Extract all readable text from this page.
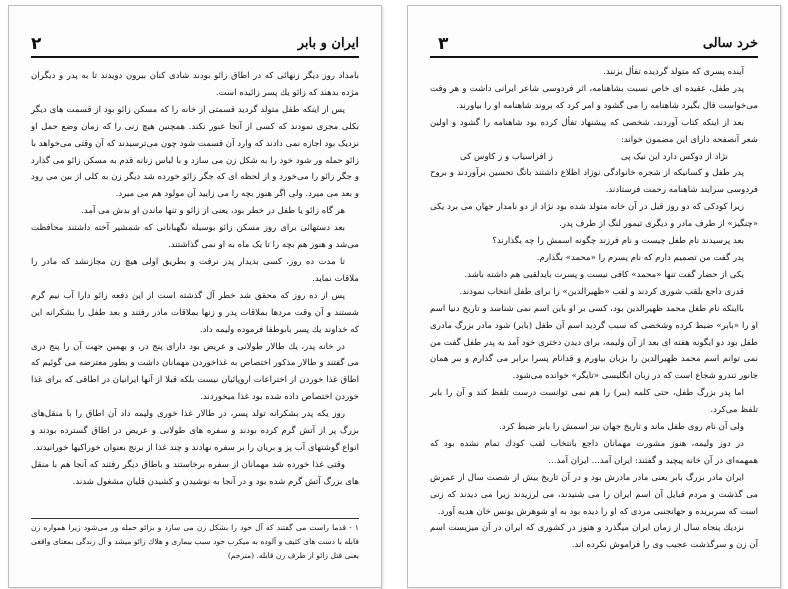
۲	ایران و بابر

بامداد روز دیگر زنهائی که در اطاق زائو بودند شادی کنان بیرون دویدند تا به پدر و دیگران مژده بدهند که زائو یك پسر زائیده است.

پس از اینکه طفل متولد گردید قسمتی از خانه را که مسکن زائو بود از قسمت های دیگر بکلی مجزی نمودند که کسی از آنجا عبور نکند. همچنین هیچ زنی را که زمان وضع حمل او نزدیک بود اجازه نمی دادند که وارد آن قسمت شود چون می‌ترسیدند که آن وقتی می‌خواهد با زائو حمله ور شود خود را به شکل زن می سازد و با لباس زنانه قدم به مسکن زائو می گذارد و جگر زائو را می‌خورد و از لحظه ای که جگر زائو خورده شد دیگر زن به کلی از بین می رود و بعد می میرد. ولی اگر هنوز بچه را می زایید آن مولود هم می میرد.

هر گاه زائو یا طفل در خطر بود، یعنی از زائو و تنها ماندن او بدش می آمد.

بعد دستهائی برای روز مسکن زائو بوسیله نگهبانانی که شمشیر آخته داشتند محافظت می‌شد و هنوز هم بچه را تا یک ماه به او نمی گذاشتند.

تا مدت ده روز، کسی بدیدار پدر نرفت و بطریق اولی هیچ زن مجازنشد که مادر را ملاقات نماید.

پس از ده روز که محقق شد خطر آل گذشته است از این دفعه زائو دارا آب نیم گرم شستند و آن وقت مردها بملاقات پدر و زنها بملاقات مادر رفتند و بعد طفل را بشکرانه این که خداوند یك پسر بابوطفا فرموده ولیمه داد.

در خانه پدر، یك طالار طولانی و عریض بود دارای پنج در، و بهمین جهت آن را پنج دری می گفتند و طالار مذکور اختصاص به غذاخوردن مهمانان داشت و بطور معترضه می گوئیم که اطاق غذا خوردن از اختراعات اروپائیان نیست بلکه قبلا از آنها ایرانیان در اطاقی که برای غذا خوردن اختصاص داده شده بود غذا میخوردند.

روز یکه پدر بشکرانه تولد پسر، در طالار غذا خوری ولیمه داد آن اطاق را با منقل‌های بزرگ پر از آتش گرم کرده بودند و سفره های طولانی و عریض در اطاق گسترده بودند و انواع گوشتهای آب پز و بریان را بر سفره نهادند و چند غذا از برنج بعنوان خوراکیها خورانیدند.

وقتی غذا خورده شد مهمانان از سفره برخاستند و باطاق دیگر رفتند که آنجا هم با منقل های بزرگ آتش گرم شده بود و در آنجا به نوشیدن و کشیدن قلیان مشغول شدند.

۱ - قدما راست می گفتند که آل خود را بشکل زن می سازد و بزائو حمله ور می‌شود زیرا همواره زن قابله با دست های کثیف و آلوده به میکرب خود سبب بیماری و هلاك زائو میشد و آل زندگی بمعنای واقعی یعنی قتل زائو از طرف زن قابله. (مترجم)

۳	خرد سالی

آینده پسری که متولد گردیده تفأل بزنند.

پدر طفل، عقیده ای خاص نسبت بشاهنامه، اثر فردوسی شاعر ایرانی داشت و هر وقت می‌خواست فال بگیرد شاهنامه را می گشود و امر کرد که بروند شاهنامه او را بیاورند.

بعد از اینکه کتاب آوردند، شخصی که پیشنهاد تفأل کرده بود شاهنامه را گشود و اولین شعر آنصفحه دارای این مضمون خواند:

نژاد از دوکس دارد این نیک پی
ز افراسیاب و ز کاوس کی

پدر طفل و کسانیکه از شجره خانوادگی نوزاد اطلاع داشتند بانگ تحسین برآوردند و بروح فردوسی سرایند شاهنامه رحمت فرستادند.

زیرا کودکی که دو روز قبل در آن خانه متولد شده بود نژاد از دو نامدار جهان می برد یکی «چنگیز» از طرف مادر و دیگری تیمور لنگ از طرف پدر.

بعد پرسیدند نام طفل چیست و نام فرزند چگونه اسمش را چه بگذارند؟

پدر گفت من تصمیم دارم که نام پسرم را «محمد» بگذارم.

یکی از حضار گفت تنها «محمد» کافی نیست و پسرت بایدلقبی هم داشته باشد.

قدری داجع بلقب شوری کردند و لقب «ظهیرالدین» را برای طفل انتخاب نمودند.

بااینکه نام طفل محمد ظهیرالدین بود، کسی بر او باین اسم نمی شناسد و تاریخ دنیا اسم او را «بابر» ضبط کرده وشخصی که سبب گردید اسم آن طفل (بابر) شود مادر بزرگ مادری طفل بود دو ایگونه هفته ای بعد از آن ولیمه، برای دیدن دختری خود آمد به پدر طفل گفت من نمی توانم اسم محمد ظهیرالدین را بزبان بیاورم و قدانام پسرا برابر می گذارم و ببر همان جانور تندرو شجاع است که در زبان انگلیسی «تایگر» خوانده می‌شود.

اما پدر بزرگ طفل، حتی کلمه (ببر) را هم نمی توانست درست تلفظ کند و آن را بابر تلفظ می‌کرد.

ولی آن نام روی طفل ماند و تاریخ جهان نیز اسمش را بابر ضبط کرد.

در دوز ولیمه، هنوز مشورت مهمانان داجع بانتخاب لقب کودك تمام نشده بود که همهمه‌ای در آن خانه پیچید و گفتند: ایران آمد... ایران آمد...

ایران مادر بزرگ بابر یعنی مادر مادرش بود و در آن تاریخ بیش از شصت سال از عمرش می گذشت و مردم قبایل آن اسم ایران را می شنیدند، می لرزیدند زیرا می دیدند که زنی است که سربریده و جهانجنبی مردی که او را دیده بود به او شوهرش یونس خان هدیه آورد.

نزدیك پنجاه سال از زمان ایران میگذرد و هنوز در کشوری که ایران در آن میزیست اسم آن زن و سرگذشت عجیب وی را فراموش نکرده اند.
